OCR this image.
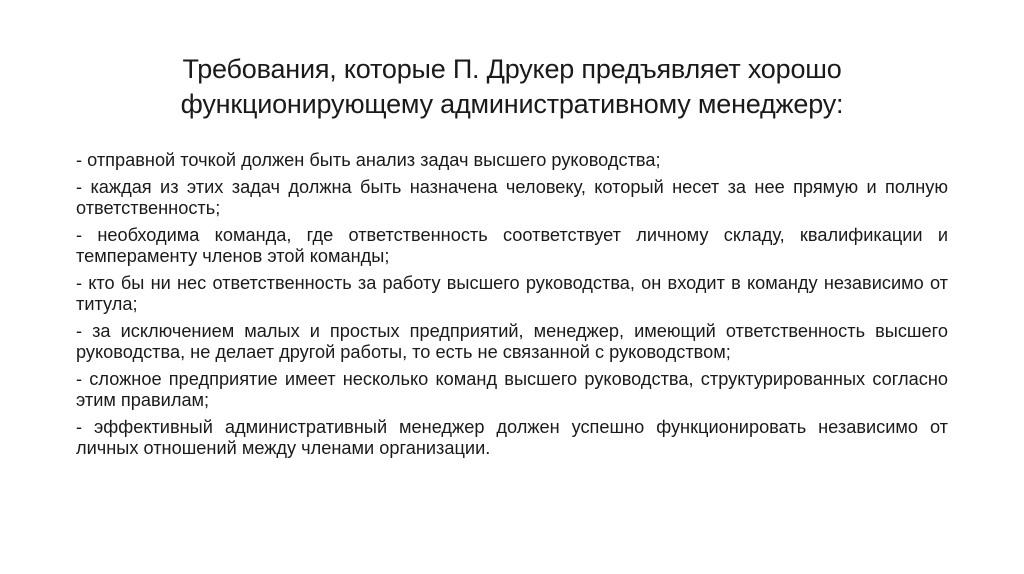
Требования, которые П. Друкер предъявляет хорошо
функционирующему административному менеджеру:

- отправной точкой должен быть анализ задач высшего руководства;

- каждая из этих задач должна быть назначена человеку, который несет за нее прямую и полную ответственность;

- необходима команда, где ответственность соответствует личному складу, квалификации и темпераменту членов этой команды;

- кто бы ни нес ответственность за работу высшего руководства, он входит в команду независимо от титула;

- за исключением малых и простых предприятий, менеджер, имеющий ответственность высшего руководства, не делает другой работы, то есть не связанной с руководством;

- сложное предприятие имеет несколько команд высшего руководства, структурированных согласно этим правилам;

- эффективный административный менеджер должен успешно функционировать независимо от личных отношений между членами организации.
